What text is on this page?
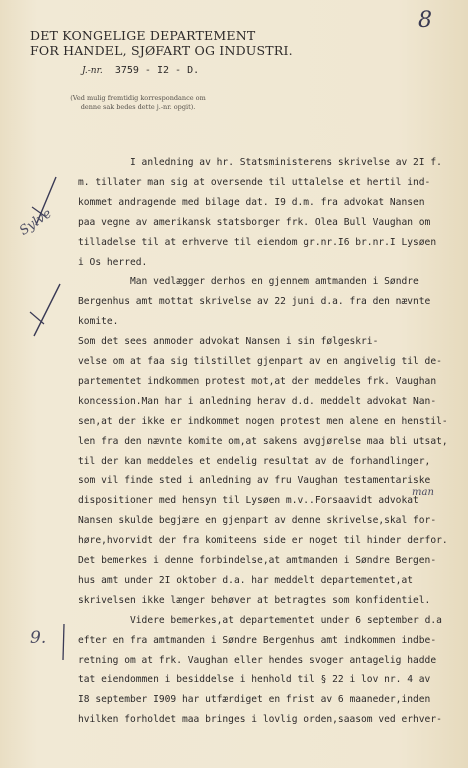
8
DET KONGELIGE DEPARTEMENT
FOR HANDEL, SJØFART OG INDUSTRI.
J.-nr. 3759 - I2 - D.
(Ved mulig fremtidig korrespondance om
denne sak bedes dette j.-nr. opgit).
Sylve
9.
man
I anledning av hr. Statsministerens skrivelse av 2I f.
m. tillater man sig at oversende til uttalelse et hertil ind-
kommet andragende med bilage dat. I9 d.m. fra advokat Nansen
paa vegne av amerikansk statsborger frk. Olea Bull Vaughan om
tilladelse til at erhverve til eiendom gr.nr.I6 br.nr.I Lysøen
i Os herred.
Man vedlægger derhos en gjennem amtmanden i Søndre
Bergenhus amt mottat skrivelse av 22 juni d.a. fra den nævnte
komite.
Som det sees anmoder advokat Nansen i sin følgeskri-
velse om at faa sig tilstillet gjenpart av en angivelig til de-
partementet indkommen protest mot,at der meddeles frk. Vaughan
koncession.Man har i anledning herav d.d. meddelt advokat Nan-
sen,at der ikke er indkommet nogen protest men alene en henstil-
len fra den nævnte komite om,at sakens avgjørelse maa bli utsat,
til der kan meddeles et endelig resultat av de forhandlinger,
som vil finde sted i anledning av fru Vaughan testamentariske
dispositioner med hensyn til Lysøen m.v..Forsaavidt advokat
Nansen skulde begjære en gjenpart av denne skrivelse,skal for-
høre,hvorvidt der fra komiteens side er noget til hinder derfor.
Det bemerkes i denne forbindelse,at amtmanden i Søndre Bergen-
hus amt under 2I oktober d.a. har meddelt departementet,at
skrivelsen ikke længer behøver at betragtes som konfidentiel.
Videre bemerkes,at departementet under 6 september d.a
efter en fra amtmanden i Søndre Bergenhus amt indkommen indbe-
retning om at frk. Vaughan eller hendes svoger antagelig hadde
tat eiendommen i besiddelse i henhold til § 22 i lov nr. 4 av
I8 september I909 har utfærdiget en frist av 6 maaneder,inden
hvilken forholdet maa bringes i lovlig orden,saasom ved erhver-
